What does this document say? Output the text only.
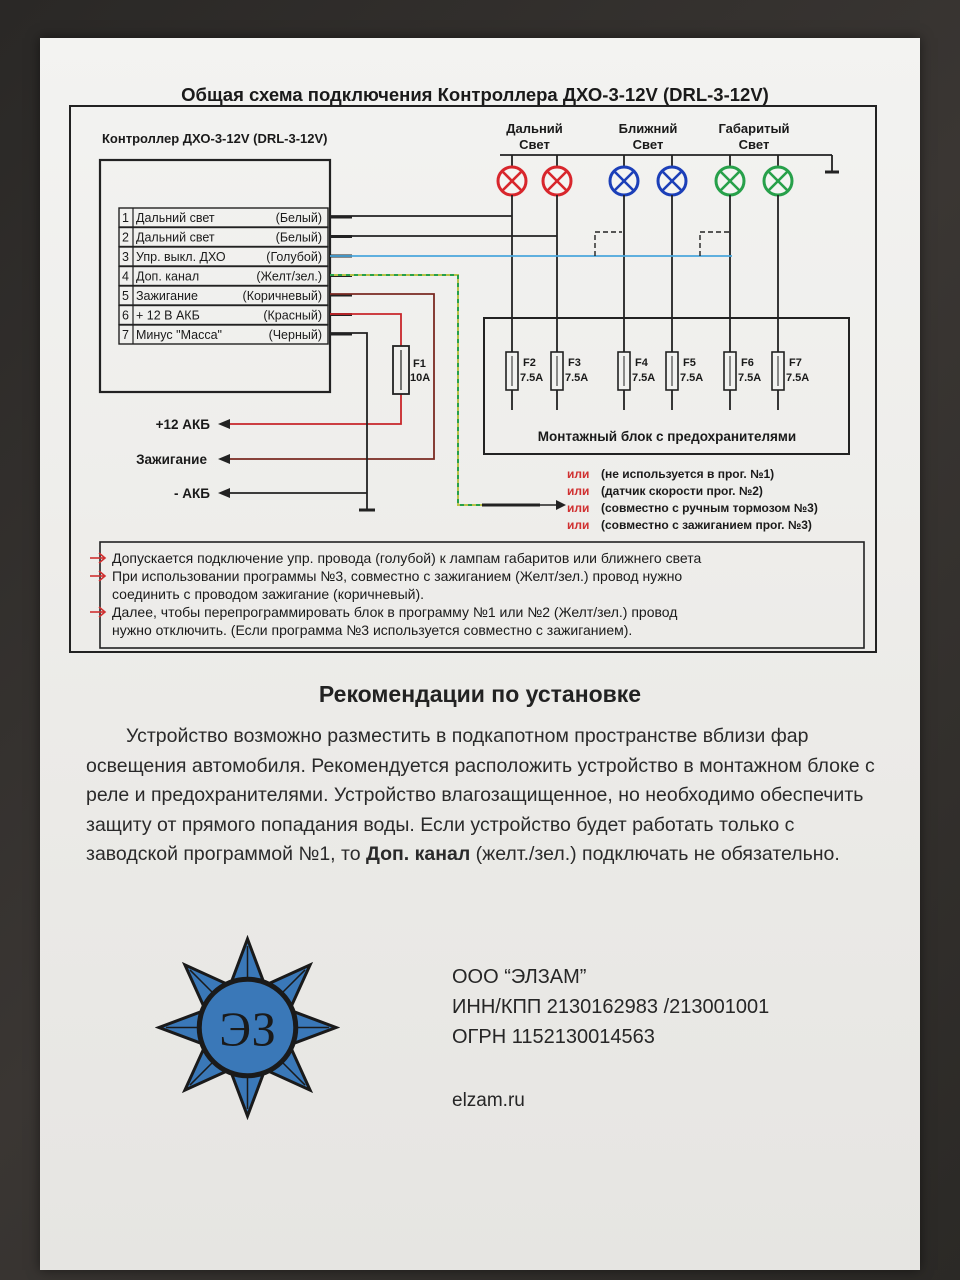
Общая схема подключения Контроллера ДХО-3-12V (DRL-3-12V)
Контроллер ДХО-3-12V (DRL-3-12V)
1 Дальний свет	(Белый)
2 Дальний свет	(Белый)
3 Упр. выкл. ДХО	(Голубой)
4 Доп. канал	(Желт/зел.)
5 Зажигание	(Коричневый)
6 + 12 В АКБ	(Красный)
7 Минус "Масса"	(Черный)
Дальний
Свет
Ближний
Свет
Габаритый
Свет
F1
10A
+12 АКБ
Зажигание
- АКБ
F2
7.5A
F3
7.5A
F4
7.5A
F5
7.5A
F6
7.5A
F7
7.5A
Монтажный блок с предохранителями
или (не используется в прог. №1)
или (датчик скорости прог. №2)
или (совместно с ручным тормозом №3)
или (совместно с зажиганием прог. №3)
Допускается подключение упр. провода (голубой) к лампам габаритов или ближнего света
При использовании программы №3, совместно с зажиганием (Желт/зел.) провод нужно
соединить с проводом зажигание (коричневый).
Далее, чтобы перепрограммировать блок в программу №1 или №2 (Желт/зел.) провод
нужно отключить. (Если программа №3 используется совместно с зажиганием).
Рекомендации по установке
Устройство возможно разместить в подкапотном пространстве вблизи фар освещения автомобиля. Рекомендуется расположить устройство в монтажном блоке с реле и предохранителями. Устройство влагозащищенное, но необходимо обеспечить защиту от прямого попадания воды. Если устройство будет работать только с заводской программой №1, то Доп. канал (желт./зел.) подключать не обязательно.
ЭЗ
ООО “ЭЛЗАМ”
ИНН/КПП 2130162983 /213001001
ОГРН 1152130014563
elzam.ru
